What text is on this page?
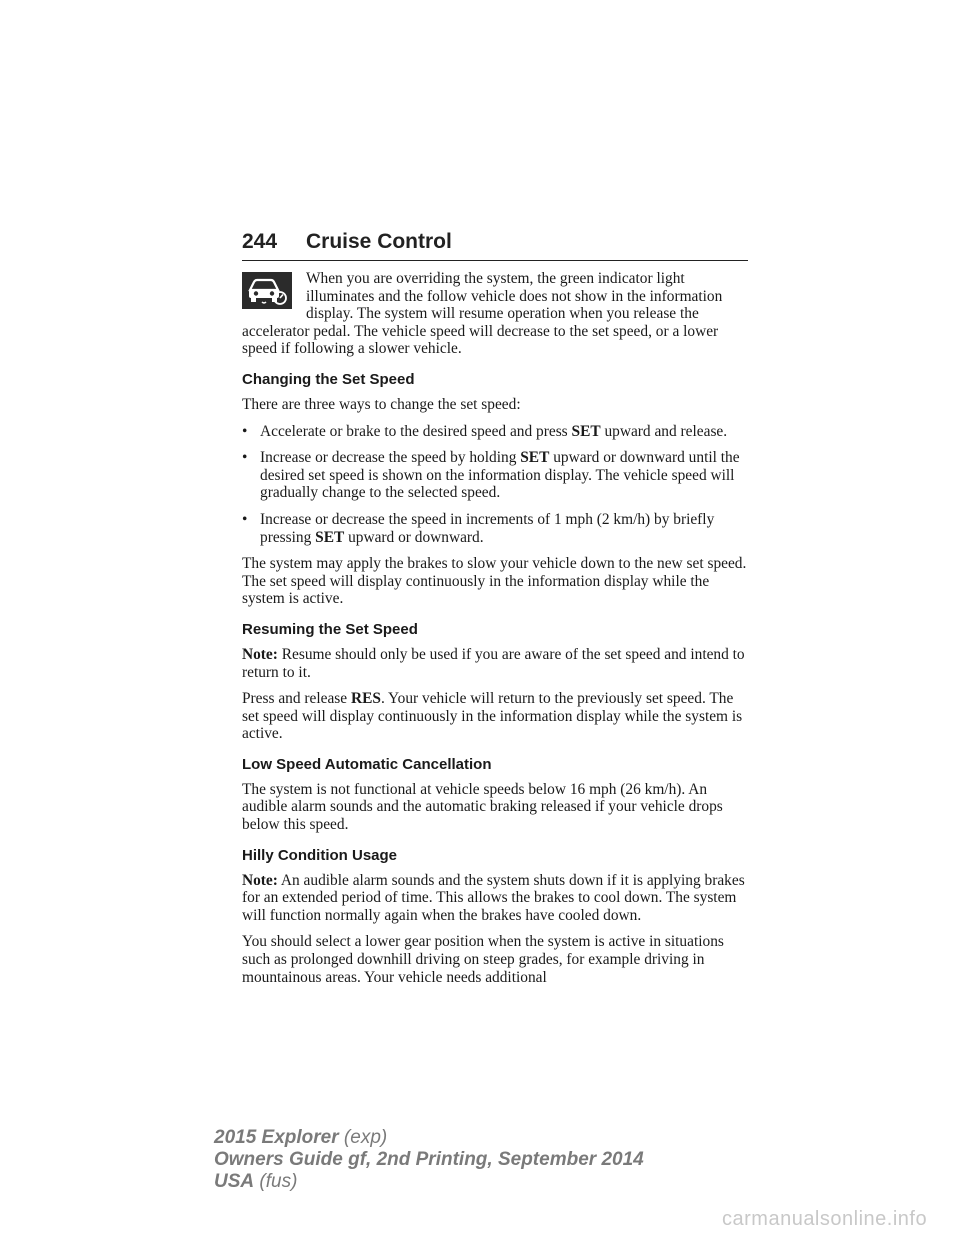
244 Cruise Control

When you are overriding the system, the green indicator light illuminates and the follow vehicle does not show in the information display. The system will resume operation when you release the accelerator pedal. The vehicle speed will decrease to the set speed, or a lower speed if following a slower vehicle.

Changing the Set Speed

There are three ways to change the set speed:

• Accelerate or brake to the desired speed and press SET upward and release.
• Increase or decrease the speed by holding SET upward or downward until the desired set speed is shown on the information display. The vehicle speed will gradually change to the selected speed.
• Increase or decrease the speed in increments of 1 mph (2 km/h) by briefly pressing SET upward or downward.

The system may apply the brakes to slow your vehicle down to the new set speed. The set speed will display continuously in the information display while the system is active.

Resuming the Set Speed

Note: Resume should only be used if you are aware of the set speed and intend to return to it.

Press and release RES. Your vehicle will return to the previously set speed. The set speed will display continuously in the information display while the system is active.

Low Speed Automatic Cancellation

The system is not functional at vehicle speeds below 16 mph (26 km/h). An audible alarm sounds and the automatic braking released if your vehicle drops below this speed.

Hilly Condition Usage

Note: An audible alarm sounds and the system shuts down if it is applying brakes for an extended period of time. This allows the brakes to cool down. The system will function normally again when the brakes have cooled down.

You should select a lower gear position when the system is active in situations such as prolonged downhill driving on steep grades, for example driving in mountainous areas. Your vehicle needs additional

2015 Explorer (exp)
Owners Guide gf, 2nd Printing, September 2014
USA (fus)
carmanualsonline.info
